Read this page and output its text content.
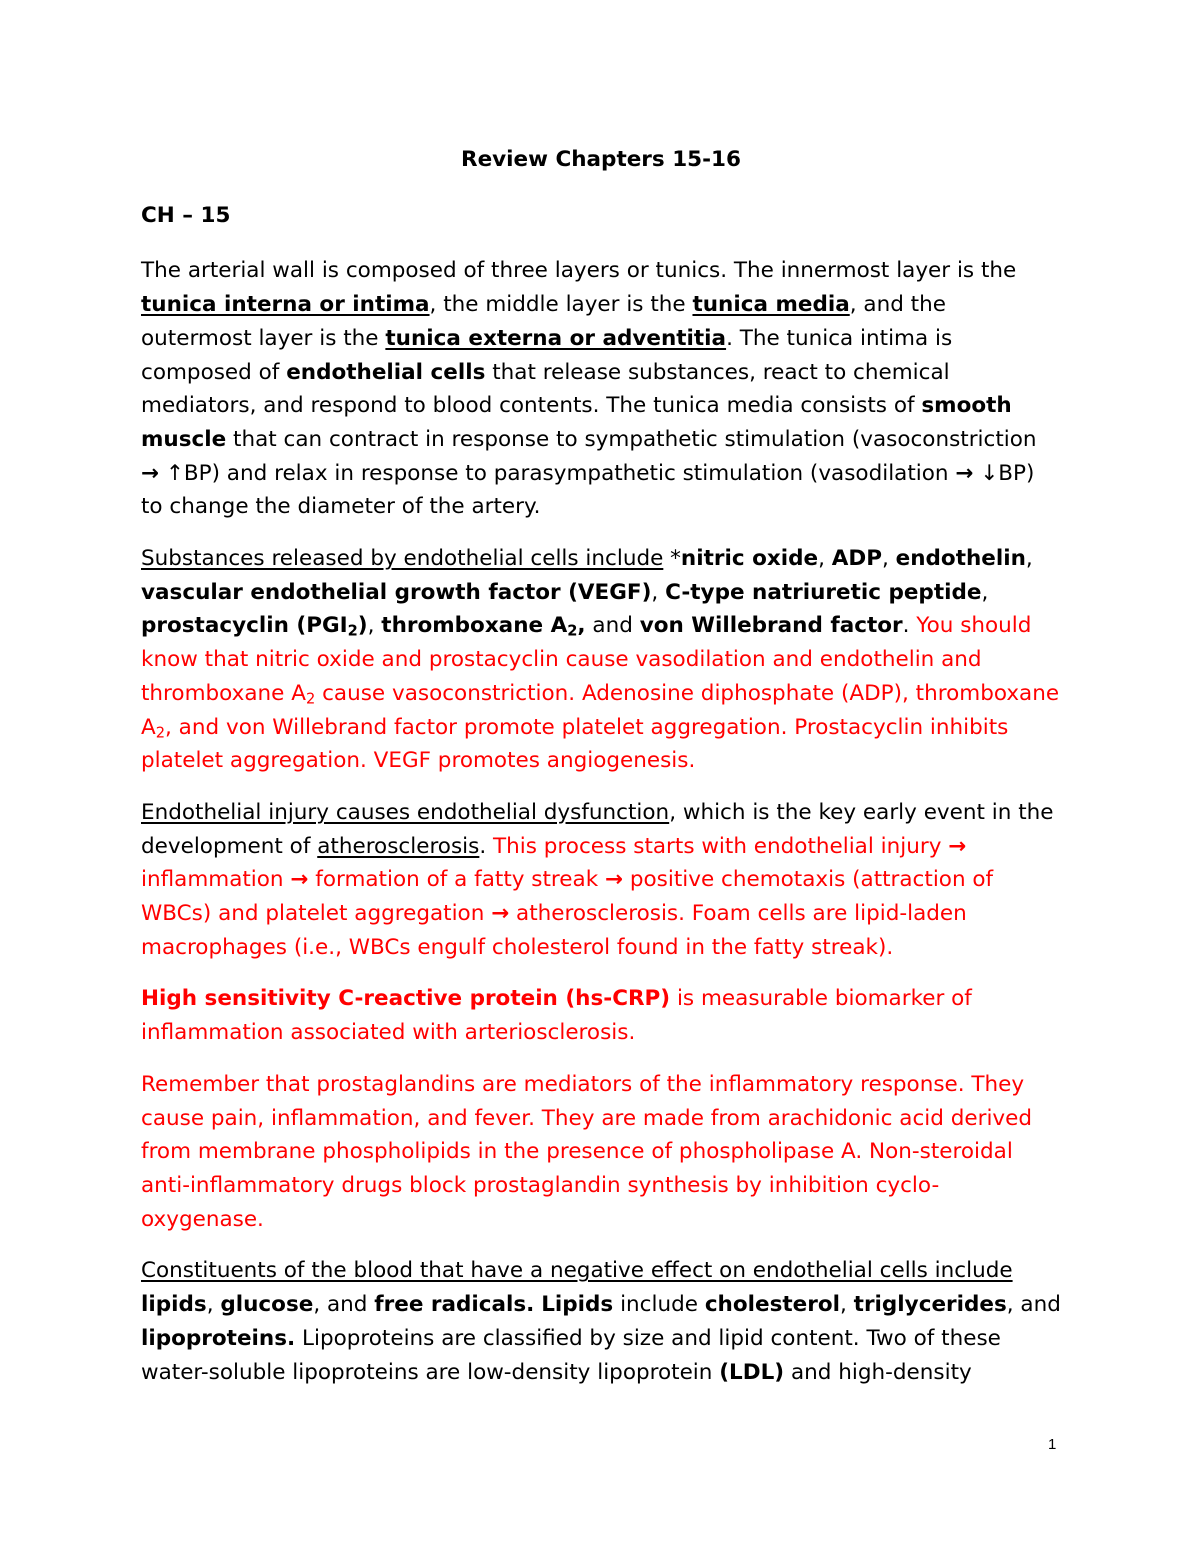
Review Chapters 15-16
CH – 15

The arterial wall is composed of three layers or tunics. The innermost layer is the tunica interna or intima, the middle layer is the tunica media, and the outermost layer is the tunica externa or adventitia. The tunica intima is composed of endothelial cells that release substances, react to chemical mediators, and respond to blood contents. The tunica media consists of smooth muscle that can contract in response to sympathetic stimulation (vasoconstriction → ↑BP) and relax in response to parasympathetic stimulation (vasodilation → ↓BP) to change the diameter of the artery.

Substances released by endothelial cells include *nitric oxide, ADP, endothelin, vascular endothelial growth factor (VEGF), C-type natriuretic peptide, prostacyclin $(PGI_2)$, thromboxane $A_2$, and von Willebrand factor. You should know that nitric oxide and prostacyclin cause vasodilation and endothelin and thromboxane $A_2$ cause vasoconstriction. Adenosine diphosphate (ADP), thromboxane $A_2$, and von Willebrand factor promote platelet aggregation. Prostacyclin inhibits platelet aggregation. VEGF promotes angiogenesis.

Endothelial injury causes endothelial dysfunction, which is the key early event in the development of atherosclerosis. This process starts with endothelial injury → inflammation → formation of a fatty streak → positive chemotaxis (attraction of WBCs) and platelet aggregation → atherosclerosis. Foam cells are lipid-laden macrophages (i.e., WBCs engulf cholesterol found in the fatty streak).

High sensitivity C-reactive protein (hs-CRP) is measurable biomarker of inflammation associated with arteriosclerosis.

Remember that prostaglandins are mediators of the inflammatory response. They cause pain, inflammation, and fever. They are made from arachidonic acid derived from membrane phospholipids in the presence of phospholipase A. Non-steroidal anti-inflammatory drugs block prostaglandin synthesis by inhibition cyclo-oxygenase.

Constituents of the blood that have a negative effect on endothelial cells include lipids, glucose, and free radicals. Lipids include cholesterol, triglycerides, and lipoproteins. Lipoproteins are classified by size and lipid content. Two of these water-soluble lipoproteins are low-density lipoprotein (LDL) and high-density

1
